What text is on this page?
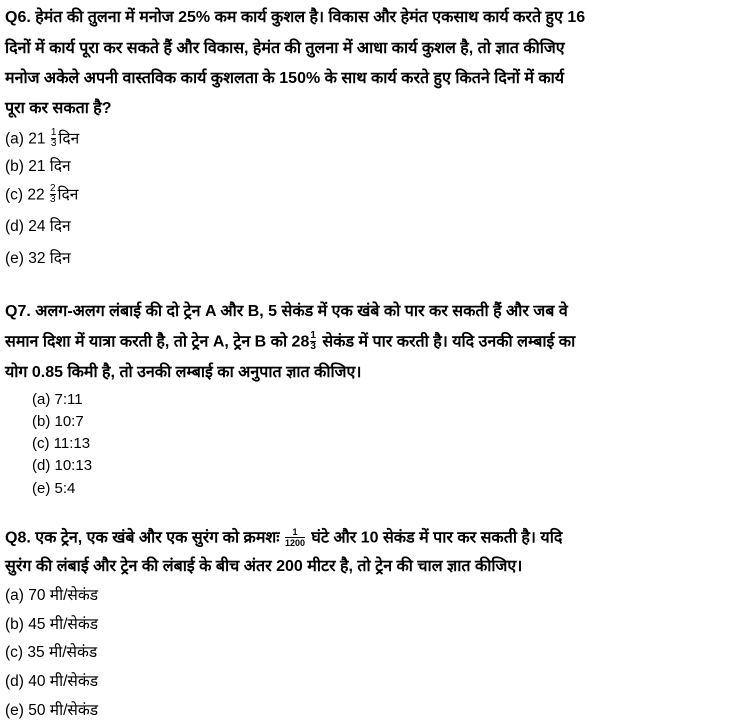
Q6. हेमंत की तुलना में मनोज 25% कम कार्य कुशल है। विकास और हेमंत एकसाथ कार्य करते हुए 16
दिनों में कार्य पूरा कर सकते हैं और विकास, हेमंत की तुलना में आधा कार्य कुशल है, तो ज्ञात कीजिए
मनोज अकेले अपनी वास्तविक कार्य कुशलता के 150% के साथ कार्य करते हुए कितने दिनों में कार्य
पूरा कर सकता है?
(a) $21 \frac{1}{3}$ दिन
(b) 21 दिन
(c) $22 \frac{2}{3}$ दिन
(d) 24 दिन
(e) 32 दिन
Q7. अलग-अलग लंबाई की दो ट्रेन A और B, 5 सेकंड में एक खंबे को पार कर सकती हैं और जब वे
समान दिशा में यात्रा करती है, तो ट्रेन A, ट्रेन B को $28 \frac{1}{3}$ सेकंड में पार करती है। यदि उनकी लम्बाई का
योग 0.85 किमी है, तो उनकी लम्बाई का अनुपात ज्ञात कीजिए।
(a) 7:11
(b) 10:7
(c) 11:13
(d) 10:13
(e) 5:4
Q8. एक ट्रेन, एक खंबे और एक सुरंग को क्रमशः $\frac{1}{1200}$ घंटे और 10 सेकंड में पार कर सकती है। यदि
सुरंग की लंबाई और ट्रेन की लंबाई के बीच अंतर 200 मीटर है, तो ट्रेन की चाल ज्ञात कीजिए।
(a) 70 मी/सेकंड
(b) 45 मी/सेकंड
(c) 35 मी/सेकंड
(d) 40 मी/सेकंड
(e) 50 मी/सेकंड
